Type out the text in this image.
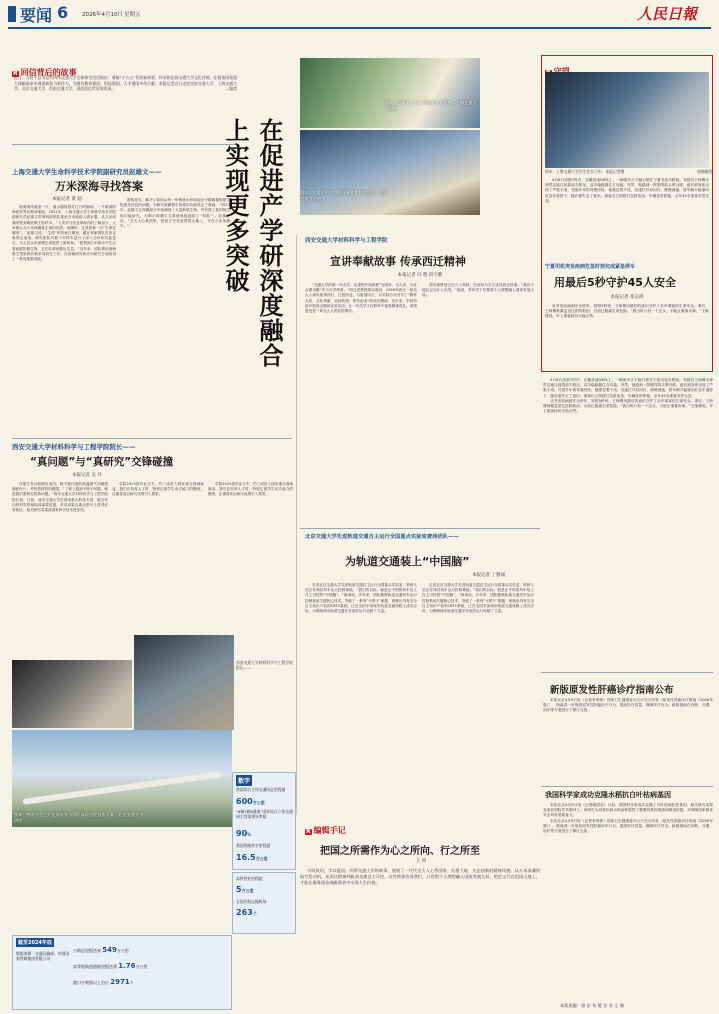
要闻 6	2026年4月10日 星期五	人民日報
R 回信背后的故事
近日，习近平总书记给四所交通大学全体师生回信指出：着眼“十五五”发展新需要，传承和弘扬交通大学文化传统，在服务国家重大战略需求中展现新担当新作为，为建设教育强国、科技强国、人才强国多作贡献。本报记者近日走进西安交通大学、上海交通大学、北京交通大学、西南交通大学，讲述回信背后的故事。	—编者
上海交通大学生命科学技术学院副研究员赵雄文——
万米深海寻找答案
本报记者 黄 超

航海乘风破浪一片，潜水器探照灯打开的瞬间，一片微弱的海底世界在眼前铺展。2021年，上海交通大学生命科学技术学院副研究员赵雄文带领科研团队乘坐万米级载人潜水器，从万米深渊采集到海底微生物样本。“人类对马里亚纳海沟的了解甚少，大家都认为万米深渊是生命的荒漠。深渊所，这是我第一次“生命在哪里”。”赵雄文说，“生命”的答案在哪里，藏在科研团队攻坚克难的足迹里。研究团队对数十份样本进行了深入分析和功能鉴定，为人们认识深渊生命提供了新视角。“我看到万米海水中生活着顽强的微生物，它们在那里繁衍生息。”近年来，团队利用深海微生物资源开展多项研究工作，在基础研究和应用研究方面取得了一系列重要进展。

提取技术，解决了如何从每一份海底水样和泥沙中精确提取微生物遗传信息的问题，为研究深渊微生物基因功能奠定了基础。“2023年，赵雄文在深渊泥沙中检测到了大量新微生物，并开展了基因组学和功能研究，为揭示深渊生态系统奥秘提供了“钥匙””。赵雄文说，“交大人心系国家，把论文写在祖国的大地上，写在万米深渊中。”

图①：赵雄文（右）和同事在实验室。上海交通大学供图
图②：左雷（中）组织开展学生科技活动。西安交通大学供图
在促进产学研深度融合上实现更多突破
西安交通大学材料科学与工程学院院长——
“真问题”与“真研究”交锋碰撞
本报记者 吴 丹

在航空发动机燃烧室内，数千摄氏度的高温燃气冲刷着涡轮叶片，考验着材料的极限。“工程上遇到卡脖子问题，就是我们要研究的真问题。”西安交通大学材料科学与工程学院院长说。日前，西安交通大学在国家重大科技专项、航空发动机材料领域取得重要进展，多项成果在重点型号上获得应用验证，相关研究成果获国家科学技术进步奖。

学院2025届毕业生中，约三成进入国家重点领域就业。我们在培养人才时，特别注重学生动手能力的锻炼，注重将前沿研究成果引入课堂。

学院2025届毕业生中，约三成进入国家重点领域就业。我们在培养人才时，特别注重学生动手能力的锻炼，注重将前沿研究成果引入课堂。

西安交通大学材料科学与工程学院院长——
图④：唐涛（右三）在实验室与团队成员讨论技术方案。北京交通大学供图
西安交通大学材料科学与工程学院
宣讲奉献故事 传承西迁精神
本报记者 冯 程 段宇静

“交通大学的第一所大学，从建校开始就把“为国家、为人民、为社会做贡献”作为办学使命。”西迁老教授胡奈赛说，1956年西迁一批交大人肩负使命西行，扎根西北，与祖国同行，以实际行动书写了“胸怀大局、无私奉献、弘扬传统、艰苦创业”的西迁精神。近年来，学校持续开展西迁精神宣讲活动，让一代代学子在聆听中接受精神洗礼，深刻感受老一辈交大人的家国情怀。

胡奈赛教授已经九十高龄，仍坚持为学生讲述西迁故事。“我们不能忘记为什么出发。”她说，青年学子们要将个人理想融入国家发展大局。

北京交通大学先进轨道交通自主运行全国重点实验室唐涛团队——
为轨道交通装上“中国脑”
本报记者 丁雅诵

走进北京交通大学先进轨道交通自主运行全国重点实验室，科研人员正在调试列车运行控制系统。“我们的目标，就是让中国的列车装上自主可控的“中国脑”。”唐涛说。多年来，团队聚焦轨道交通列车运行控制系统关键核心技术，突破了一系列“卡脖子”难题，研制出具有完全自主知识产权的CBTC系统，已在全国多条城市轨道交通线路上成功应用，为保障城市轨道交通安全高效运行贡献了力量。

走进北京交通大学先进轨道交通自主运行全国重点实验室，科研人员正在调试列车运行控制系统。“我们的目标，就是让中国的列车装上自主可控的“中国脑”。”唐涛说。多年来，团队聚焦轨道交通列车运行控制系统关键核心技术，突破了一系列“卡脖子”难题，研制出具有完全自主知识产权的CBTC系统，已在全国多条城市轨道交通线路上成功应用，为保障城市轨道交通安全高效运行贡献了力量。

数字
我国综合立体交通网总里程超
600万公里
“6轴7廊8通道”国家综合立体交通网主骨架建成率超
90%
我国铁路营业里程超
16.5万公里
高铁营业里程超
5万公里
全国民航运输机场
263个
R 编辑手记
把国之所需作为心之所向、行之所至
王 珂

学而致用，学以报国。四所交通大学的故事，展现了一代代交大人心系国家、扎根大地、矢志创新的精神风貌。从万米深渊到航空发动机，从西迁精神到轨道交通自主可控，这些故事告诉我们，只有把个人理想融入国家发展大局，把论文写在祖国大地上，才能在服务国家战略需求中实现人生价值。

截至2024年底
公路总里程达到 549万公里
高等级航道通航里程达到 1.76万公里
港口万吨级以上泊位 2971个
数据来源：交通运输部、中国国家铁路集团有限公司
图③：上海交通大学学生在实习中。本报记者摄	视频截图

4月6日清晨7时许，京藏高速G6线上，一辆客车正平稳行驶在宁夏吴忠市路段。驾驶员王师傅全神贯注地注视着前方路况，双手稳稳握住方向盘。突然，他感到一阵剧烈的头晕目眩，意识到身体出现了严重不适。凭借多年的驾驶经验，他强忍着不适，迅速打开双闪灯，缓缓减速，将车辆平稳靠向应急车道停下，随后便失去了意识。乘客们立即拨打急救电话，车辆及时停稳，全车45名乘客安然无恙。

宁夏司机突发疾病危急时刻完成紧急停车
用最后5秒守护45人安全
本报记者 张志鸿

从突发疾病到安全停车，短短5秒钟，王师傅用最后的意识守护了全车乘客的生命安全。事后，王师傅被紧急送往医院救治，目前已脱离生命危险。“我当时只有一个念头，不能让乘客出事。”王师傅说。车上乘客纷纷为他点赞。

4月6日清晨7时许，京藏高速G6线上，一辆客车正平稳行驶在宁夏吴忠市路段。驾驶员王师傅全神贯注地注视着前方路况，双手稳稳握住方向盘。突然，他感到一阵剧烈的头晕目眩，意识到身体出现了严重不适。凭借多年的驾驶经验，他强忍着不适，迅速打开双闪灯，缓缓减速，将车辆平稳靠向应急车道停下，随后便失去了意识。乘客们立即拨打急救电话，车辆及时停稳，全车45名乘客安然无恙。

从突发疾病到安全停车，短短5秒钟，王师傅用最后的意识守护了全车乘客的生命安全。事后，王师傅被紧急送往医院救治，目前已脱离生命危险。“我当时只有一个念头，不能让乘客出事。”王师傅说。车上乘客纷纷为他点赞。

新版原发性肝癌诊疗指南公布

本报北京4月9日电（记者李珍珍）国家卫生健康委办公厅近日印发《原发性肝癌诊疗指南（2026年版）》，指南进一步规范原发性肝癌诊疗行为，提高医疗质量，保障医疗安全。新版指南在诊断、分期、治疗等方面进行了修订完善。

我国科学家成功克隆水稻抗白叶枯病基因

本报北京4月9日电（记者喻思娈）日前，我国科学家成功克隆了白叶枯病抗性基因，相关研究成果发表在国际学术期刊上。该研究为培育抗病水稻品种提供了重要的基因资源和理论依据，对保障国家粮食安全具有重要意义。

本报北京4月9日电（记者李珍珍）国家卫生健康委办公厅近日印发《原发性肝癌诊疗指南（2026年版）》，指南进一步规范原发性肝癌诊疗行为，提高医疗质量，保障医疗安全。新版指南在诊断、分期、治疗等方面进行了修订完善。

本版责编：唐 岩 刘 冕 谷 业 王 瑾
